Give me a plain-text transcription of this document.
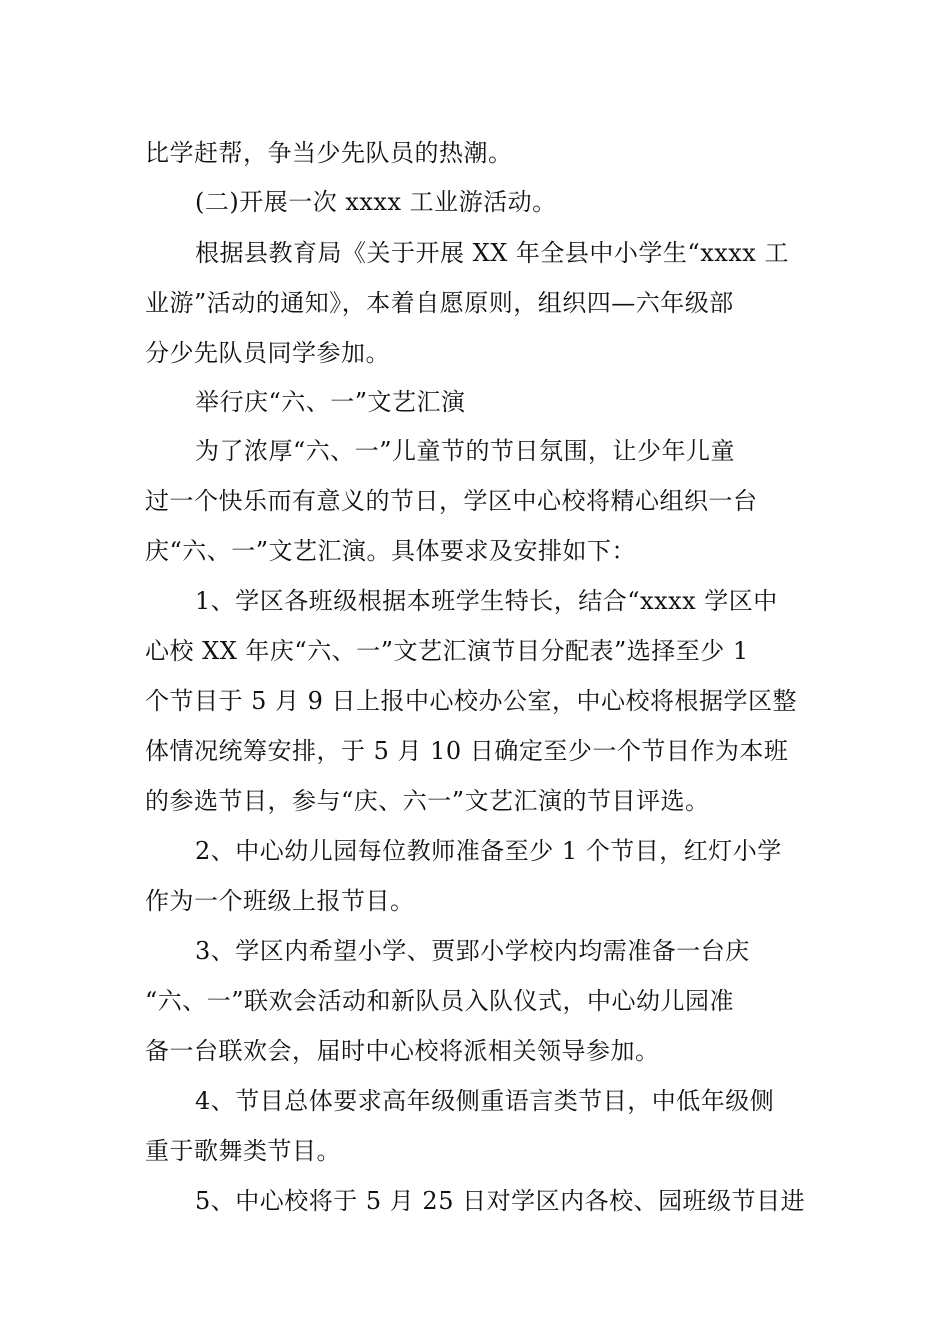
比学赶帮，争当少先队员的热潮。
(二)开展一次 xxxx 工业游活动。
根据县教育局《关于开展 XX 年全县中小学生“xxxx 工
业游”活动的通知》，本着自愿原则，组织四—六年级部
分少先队员同学参加。
举行庆“六、一”文艺汇演
为了浓厚“六、一”儿童节的节日氛围，让少年儿童
过一个快乐而有意义的节日，学区中心校将精心组织一台
庆“六、一”文艺汇演。具体要求及安排如下：
1、学区各班级根据本班学生特长，结合“xxxx 学区中
心校 XX 年庆“六、一”文艺汇演节目分配表”选择至少 1
个节目于 5 月 9 日上报中心校办公室，中心校将根据学区整
体情况统筹安排，于 5 月 10 日确定至少一个节目作为本班
的参选节目，参与“庆、六一”文艺汇演的节目评选。
2、中心幼儿园每位教师准备至少 1 个节目，红灯小学
作为一个班级上报节目。
3、学区内希望小学、贾郢小学校内均需准备一台庆
“六、一”联欢会活动和新队员入队仪式，中心幼儿园准
备一台联欢会，届时中心校将派相关领导参加。
4、节目总体要求高年级侧重语言类节目，中低年级侧
重于歌舞类节目。
5、中心校将于 5 月 25 日对学区内各校、园班级节目进
